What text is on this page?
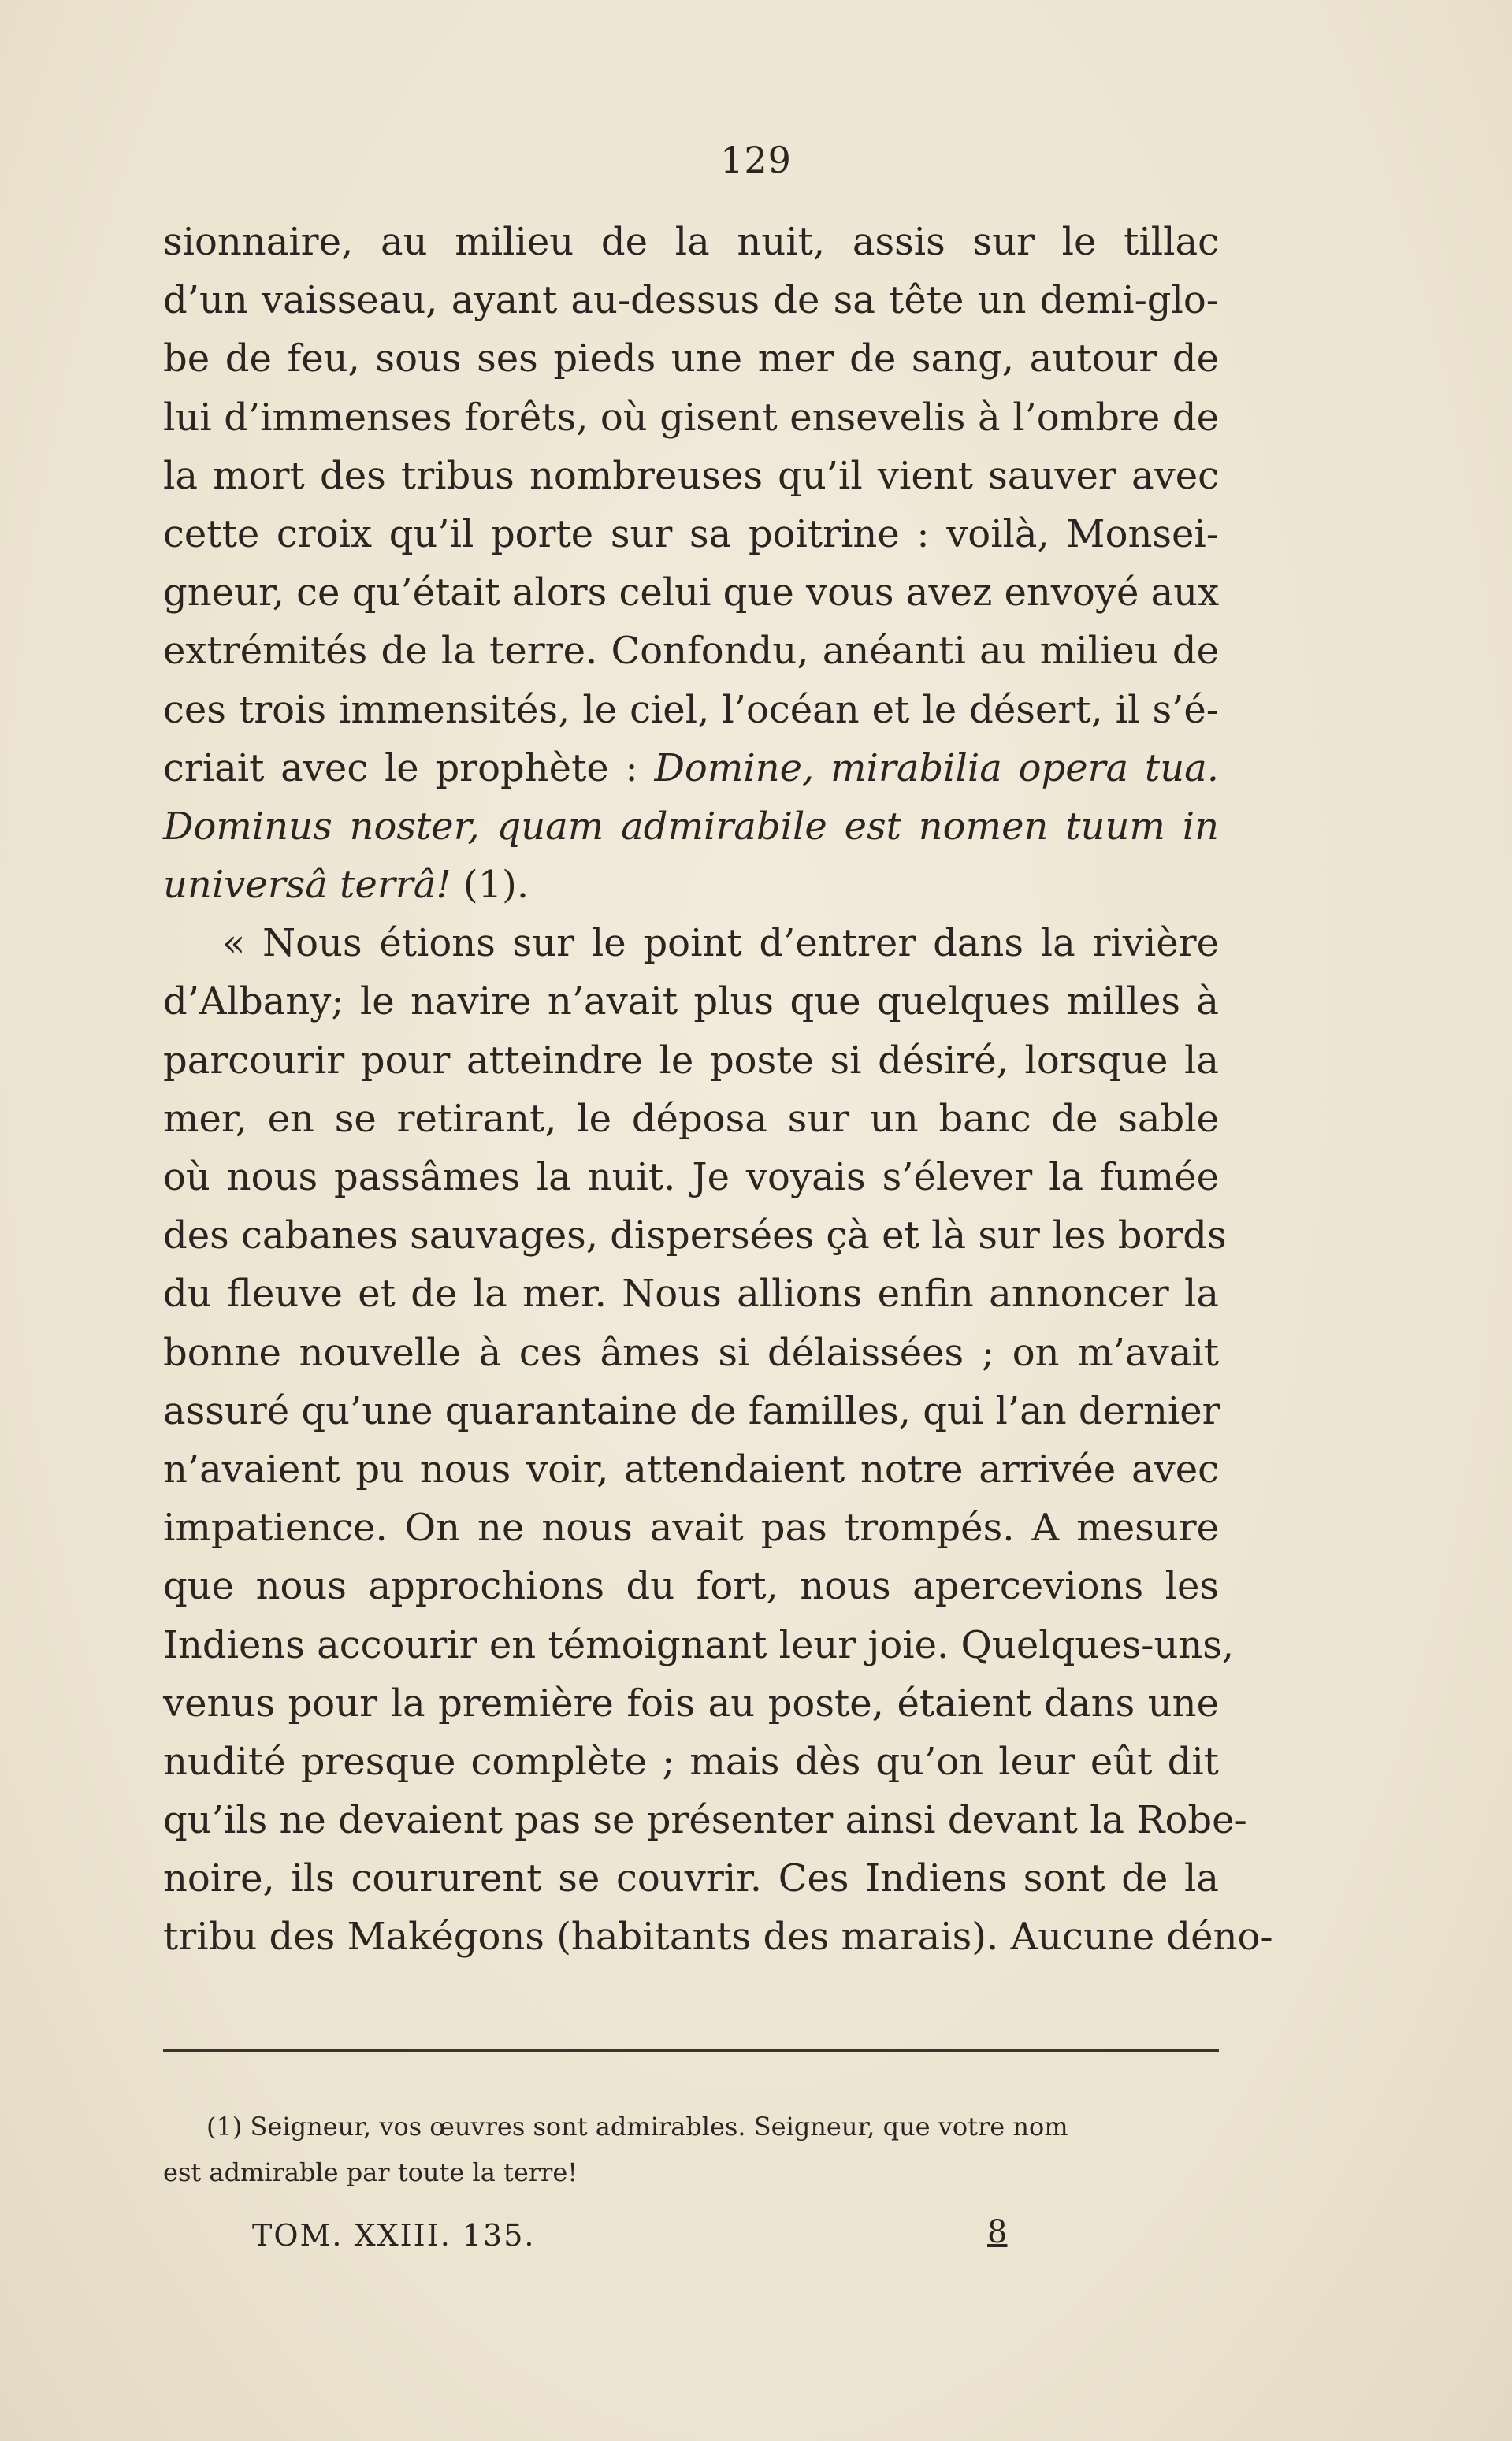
129
sionnaire, au milieu de la nuit, assis sur le tillac
d’un vaisseau, ayant au-dessus de sa tête un demi-glo-
be de feu, sous ses pieds une mer de sang, autour de
lui d’immenses forêts, où gisent ensevelis à l’ombre de
la mort des tribus nombreuses qu’il vient sauver avec
cette croix qu’il porte sur sa poitrine : voilà, Monsei-
gneur, ce qu’était alors celui que vous avez envoyé aux
extrémités de la terre. Confondu, anéanti au milieu de
ces trois immensités, le ciel, l’océan et le désert, il s’é-
criait avec le prophète : Domine, mirabilia opera tua.
Dominus noster, quam admirabile est nomen tuum in
universâ terrâ! (1).
« Nous étions sur le point d’entrer dans la rivière
d’Albany; le navire n’avait plus que quelques milles à
parcourir pour atteindre le poste si désiré, lorsque la
mer, en se retirant, le déposa sur un banc de sable
où nous passâmes la nuit. Je voyais s’élever la fumée
des cabanes sauvages, dispersées çà et là sur les bords
du fleuve et de la mer. Nous allions enfin annoncer la
bonne nouvelle à ces âmes si délaissées ; on m’avait
assuré qu’une quarantaine de familles, qui l’an dernier
n’avaient pu nous voir, attendaient notre arrivée avec
impatience. On ne nous avait pas trompés. A mesure
que nous approchions du fort, nous apercevions les
Indiens accourir en témoignant leur joie. Quelques-uns,
venus pour la première fois au poste, étaient dans une
nudité presque complète ; mais dès qu’on leur eût dit
qu’ils ne devaient pas se présenter ainsi devant la Robe-
noire, ils coururent se couvrir. Ces Indiens sont de la
tribu des Makégons (habitants des marais). Aucune déno-
(1) Seigneur, vos œuvres sont admirables. Seigneur, que votre nom
est admirable par toute la terre!
TOM. XXIII. 135.	8
